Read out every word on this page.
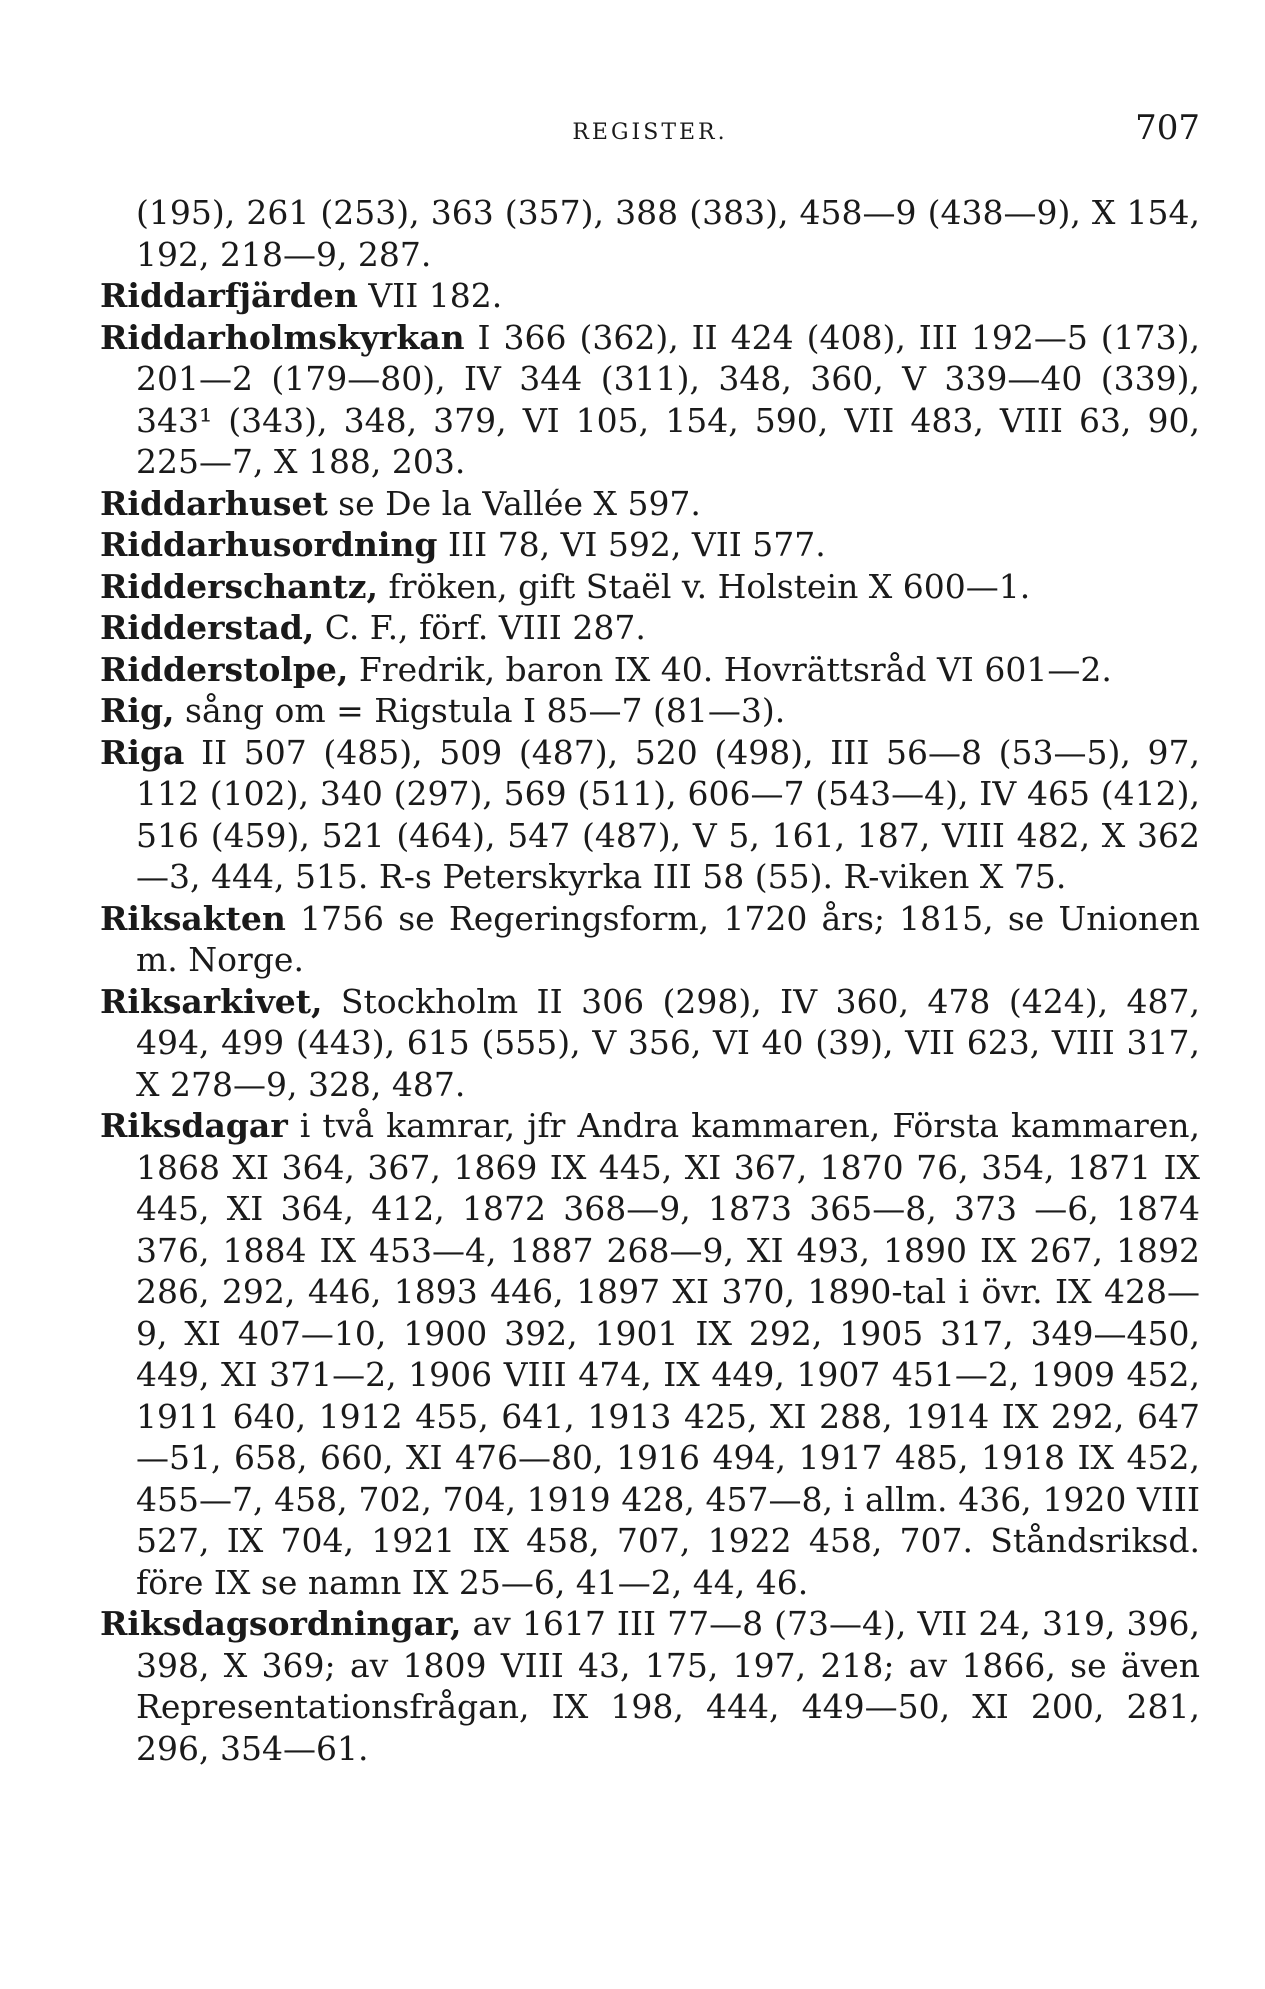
REGISTER.	707

(195), 261 (253), 363 (357), 388 (383), 458—9 (438—9), X 154, 192, 218—9, 287.

Riddarfjärden VII 182.

Riddarholmskyrkan I 366 (362), II 424 (408), III 192—5 (173), 201—2 (179—80), IV 344 (311), 348, 360, V 339—40 (339), 343¹ (343), 348, 379, VI 105, 154, 590, VII 483, VIII 63, 90, 225—7, X 188, 203.

Riddarhuset se De la Vallée X 597.

Riddarhusordning III 78, VI 592, VII 577.

Ridderschantz, fröken, gift Staël v. Holstein X 600—1.

Ridderstad, C. F., förf. VIII 287.

Ridderstolpe, Fredrik, baron IX 40. Hovrättsråd VI 601—2.

Rig, sång om = Rigstula I 85—7 (81—3).

Riga II 507 (485), 509 (487), 520 (498), III 56—8 (53—5), 97, 112 (102), 340 (297), 569 (511), 606—7 (543—4), IV 465 (412), 516 (459), 521 (464), 547 (487), V 5, 161, 187, VIII 482, X 362—3, 444, 515. R-s Peterskyrka III 58 (55). R-viken X 75.

Riksakten 1756 se Regeringsform, 1720 års; 1815, se Unionen m. Norge.

Riksarkivet, Stockholm II 306 (298), IV 360, 478 (424), 487, 494, 499 (443), 615 (555), V 356, VI 40 (39), VII 623, VIII 317, X 278—9, 328, 487.

Riksdagar i två kamrar, jfr Andra kammaren, Första kammaren, 1868 XI 364, 367, 1869 IX 445, XI 367, 1870 76, 354, 1871 IX 445, XI 364, 412, 1872 368—9, 1873 365—8, 373 —6, 1874 376, 1884 IX 453—4, 1887 268—9, XI 493, 1890 IX 267, 1892 286, 292, 446, 1893 446, 1897 XI 370, 1890-tal i övr. IX 428—9, XI 407—10, 1900 392, 1901 IX 292, 1905 317, 349—450, 449, XI 371—2, 1906 VIII 474, IX 449, 1907 451—2, 1909 452, 1911 640, 1912 455, 641, 1913 425, XI 288, 1914 IX 292, 647—51, 658, 660, XI 476—80, 1916 494, 1917 485, 1918 IX 452, 455—7, 458, 702, 704, 1919 428, 457—8, i allm. 436, 1920 VIII 527, IX 704, 1921 IX 458, 707, 1922 458, 707. Ståndsriksd. före IX se namn IX 25—6, 41—2, 44, 46.

Riksdagsordningar, av 1617 III 77—8 (73—4), VII 24, 319, 396, 398, X 369; av 1809 VIII 43, 175, 197, 218; av 1866, se även Representationsfrågan, IX 198, 444, 449—50, XI 200, 281, 296, 354—61.
